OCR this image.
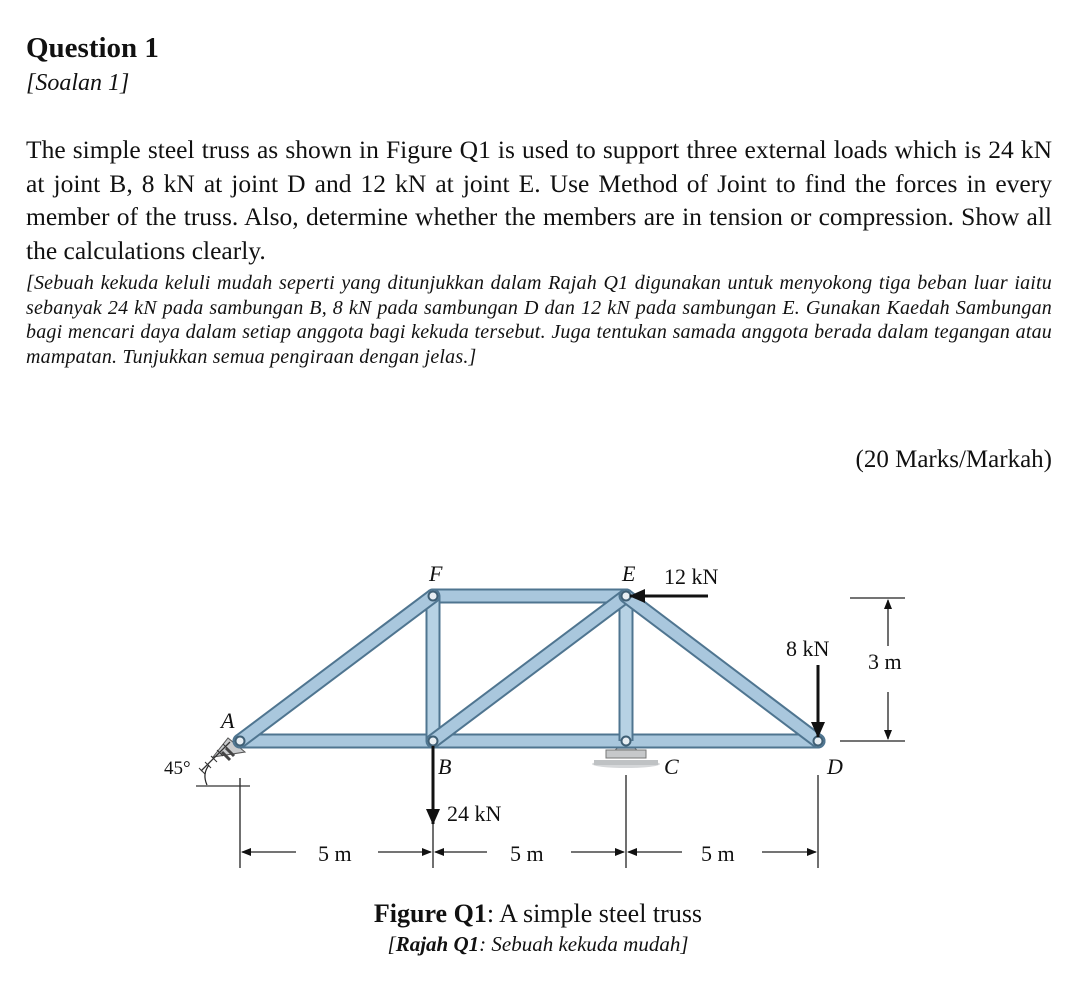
Question 1
[Soalan 1]
The simple steel truss as shown in Figure Q1 is used to support three external loads which is 24 kN at joint B, 8 kN at joint D and 12 kN at joint E. Use Method of Joint to find the forces in every member of the truss. Also, determine whether the members are in tension or compression. Show all the calculations clearly.
[Sebuah kekuda keluli mudah seperti yang ditunjukkan dalam Rajah Q1 digunakan untuk menyokong tiga beban luar iaitu sebanyak 24 kN pada sambungan B, 8 kN pada sambungan D dan 12 kN pada sambungan E. Gunakan Kaedah Sambungan bagi mencari daya dalam setiap anggota bagi kekuda tersebut. Juga tentukan samada anggota berada dalam tegangan atau mampatan. Tunjukkan semua pengiraan dengan jelas.]
(20 Marks/Markah)
45°
A
B	C	D
E
F	12 kN
8 kN
24 kN
5 m	5 m	5 m
3 m
Figure Q1: A simple steel truss
[Rajah Q1: Sebuah kekuda mudah]
